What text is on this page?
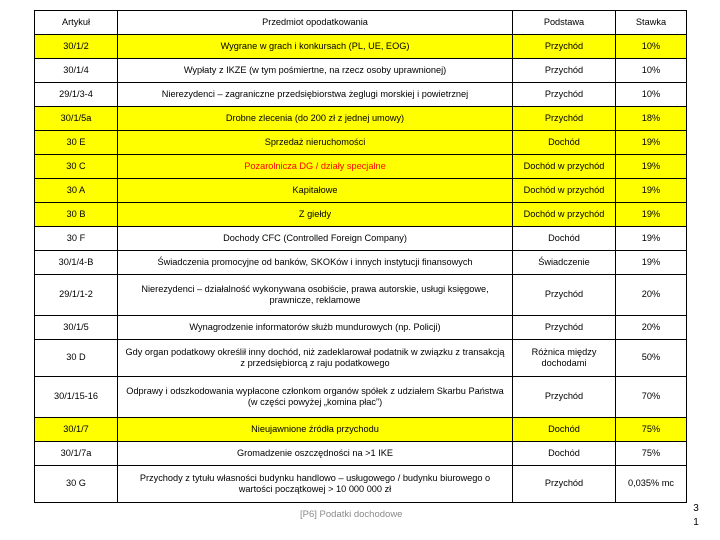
Artykuł	Przedmiot opodatkowania	Podstawa	Stawka
30/1/2	Wygrane w grach i konkursach (PL, UE, EOG)	Przychód	10%
30/1/4	Wypłaty z IKZE (w tym pośmiertne, na rzecz osoby uprawnionej)	Przychód	10%
29/1/3-4	Nierezydenci – zagraniczne przedsiębiorstwa żeglugi morskiej i powietrznej	Przychód	10%
30/1/5a	Drobne zlecenia (do 200 zł z jednej umowy)	Przychód	18%
30 E	Sprzedaż nieruchomości	Dochód	19%
30 C	Pozarolnicza DG / działy specjalne	Dochód w przychód	19%
30 A	Kapitałowe	Dochód w przychód	19%
30 B	Z giełdy	Dochód w przychód	19%
30 F	Dochody CFC (Controlled Foreign Company)	Dochód	19%
30/1/4-B	Świadczenia promocyjne od banków, SKOKów i innych instytucji finansowych	Świadczenie	19%
29/1/1-2	Nierezydenci – działalność wykonywana osobiście, prawa autorskie, usługi księgowe, prawnicze, reklamowe	Przychód	20%
30/1/5	Wynagrodzenie informatorów służb mundurowych (np. Policji)	Przychód	20%
30 D	Gdy organ podatkowy określił inny dochód, niż zadeklarował podatnik w związku z transakcją z przedsiębiorcą z raju podatkowego	Różnica między dochodami	50%
30/1/15-16	Odprawy i odszkodowania wypłacone członkom organów spółek z udziałem Skarbu Państwa (w części powyżej „komina płac”)	Przychód	70%
30/1/7	Nieujawnione źródła przychodu	Dochód	75%
30/1/7a	Gromadzenie oszczędności na >1 IKE	Dochód	75%
30 G	Przychody z tytułu własności budynku handlowo – usługowego / budynku biurowego o wartości początkowej > 10 000 000 zł	Przychód	0,035% mc
[P6] Podatki dochodowe
3
1
